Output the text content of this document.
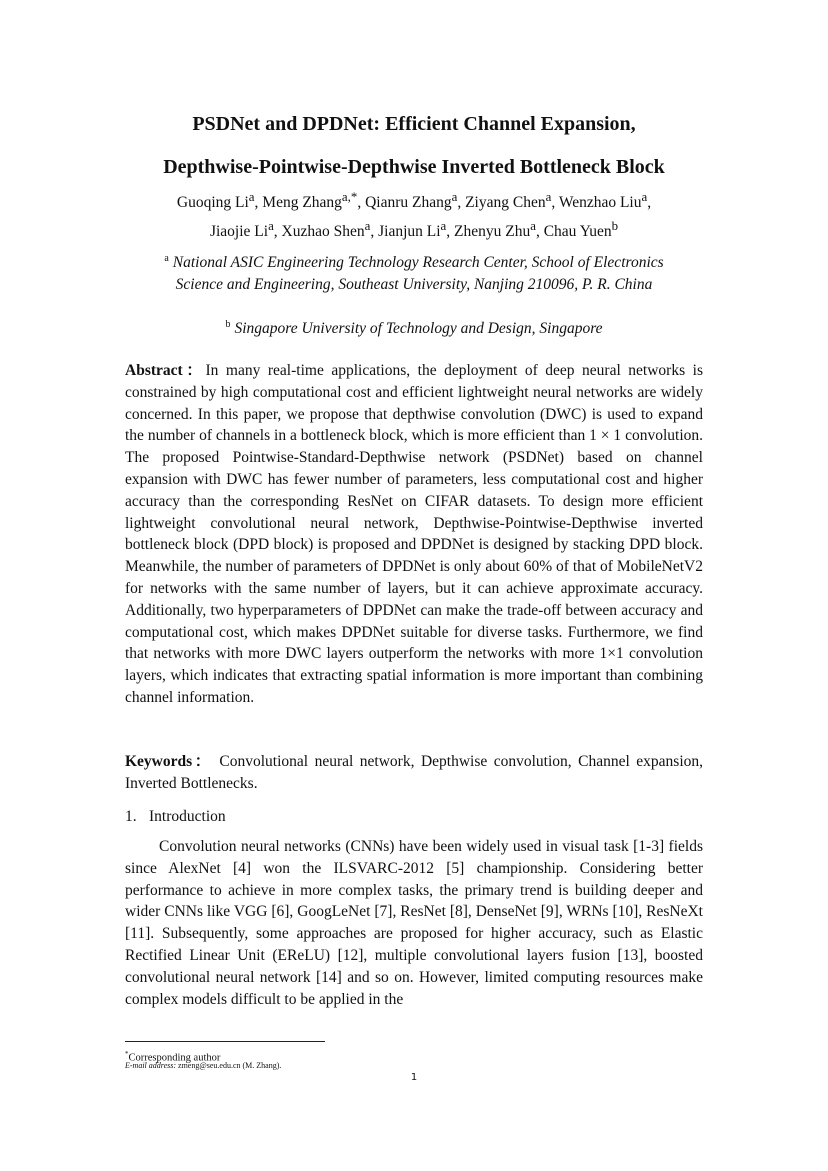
PSDNet and DPDNet: Efficient Channel Expansion,
Depthwise-Pointwise-Depthwise Inverted Bottleneck Block
Guoqing Li$^a$, Meng Zhang$^{a,*}$, Qianru Zhang$^a$, Ziyang Chen$^a$, Wenzhao Liu$^a$,
Jiaojie Li$^a$, Xuzhao Shen$^a$, Jianjun Li$^a$, Zhenyu Zhu$^a$, Chau Yuen$^b$
$^a$ National ASIC Engineering Technology Research Center, School of Electronics
Science and Engineering, Southeast University, Nanjing 210096, P. R. China
$^b$ Singapore University of Technology and Design, Singapore
Abstract：In many real-time applications, the deployment of deep neural networks is constrained by high computational cost and efficient lightweight neural networks are widely concerned. In this paper, we propose that depthwise convolution (DWC) is used to expand the number of channels in a bottleneck block, which is more efficient than 1 × 1 convolution. The proposed Pointwise-Standard-Depthwise network (PSDNet) based on channel expansion with DWC has fewer number of parameters, less computational cost and higher accuracy than the corresponding ResNet on CIFAR datasets. To design more efficient lightweight convolutional neural network, Depthwise-Pointwise-Depthwise inverted bottleneck block (DPD block) is proposed and DPDNet is designed by stacking DPD block. Meanwhile, the number of parameters of DPDNet is only about 60% of that of MobileNetV2 for networks with the same number of layers, but it can achieve approximate accuracy. Additionally, two hyperparameters of DPDNet can make the trade-off between accuracy and computational cost, which makes DPDNet suitable for diverse tasks. Furthermore, we find that networks with more DWC layers outperform the networks with more 1×1 convolution layers, which indicates that extracting spatial information is more important than combining channel information.
Keywords： Convolutional neural network, Depthwise convolution, Channel expansion, Inverted Bottlenecks.
1. Introduction
Convolution neural networks (CNNs) have been widely used in visual task [1-3] fields since AlexNet [4] won the ILSVARC-2012 [5] championship. Considering better performance to achieve in more complex tasks, the primary trend is building deeper and wider CNNs like VGG [6], GoogLeNet [7], ResNet [8], DenseNet [9], WRNs [10], ResNeXt [11]. Subsequently, some approaches are proposed for higher accuracy, such as Elastic Rectified Linear Unit (EReLU) [12], multiple convolutional layers fusion [13], boosted convolutional neural network [14] and so on. However, limited computing resources make complex models difficult to be applied in the
*Corresponding author
E-mail address: zmeng@seu.edu.cn (M. Zhang).
1
